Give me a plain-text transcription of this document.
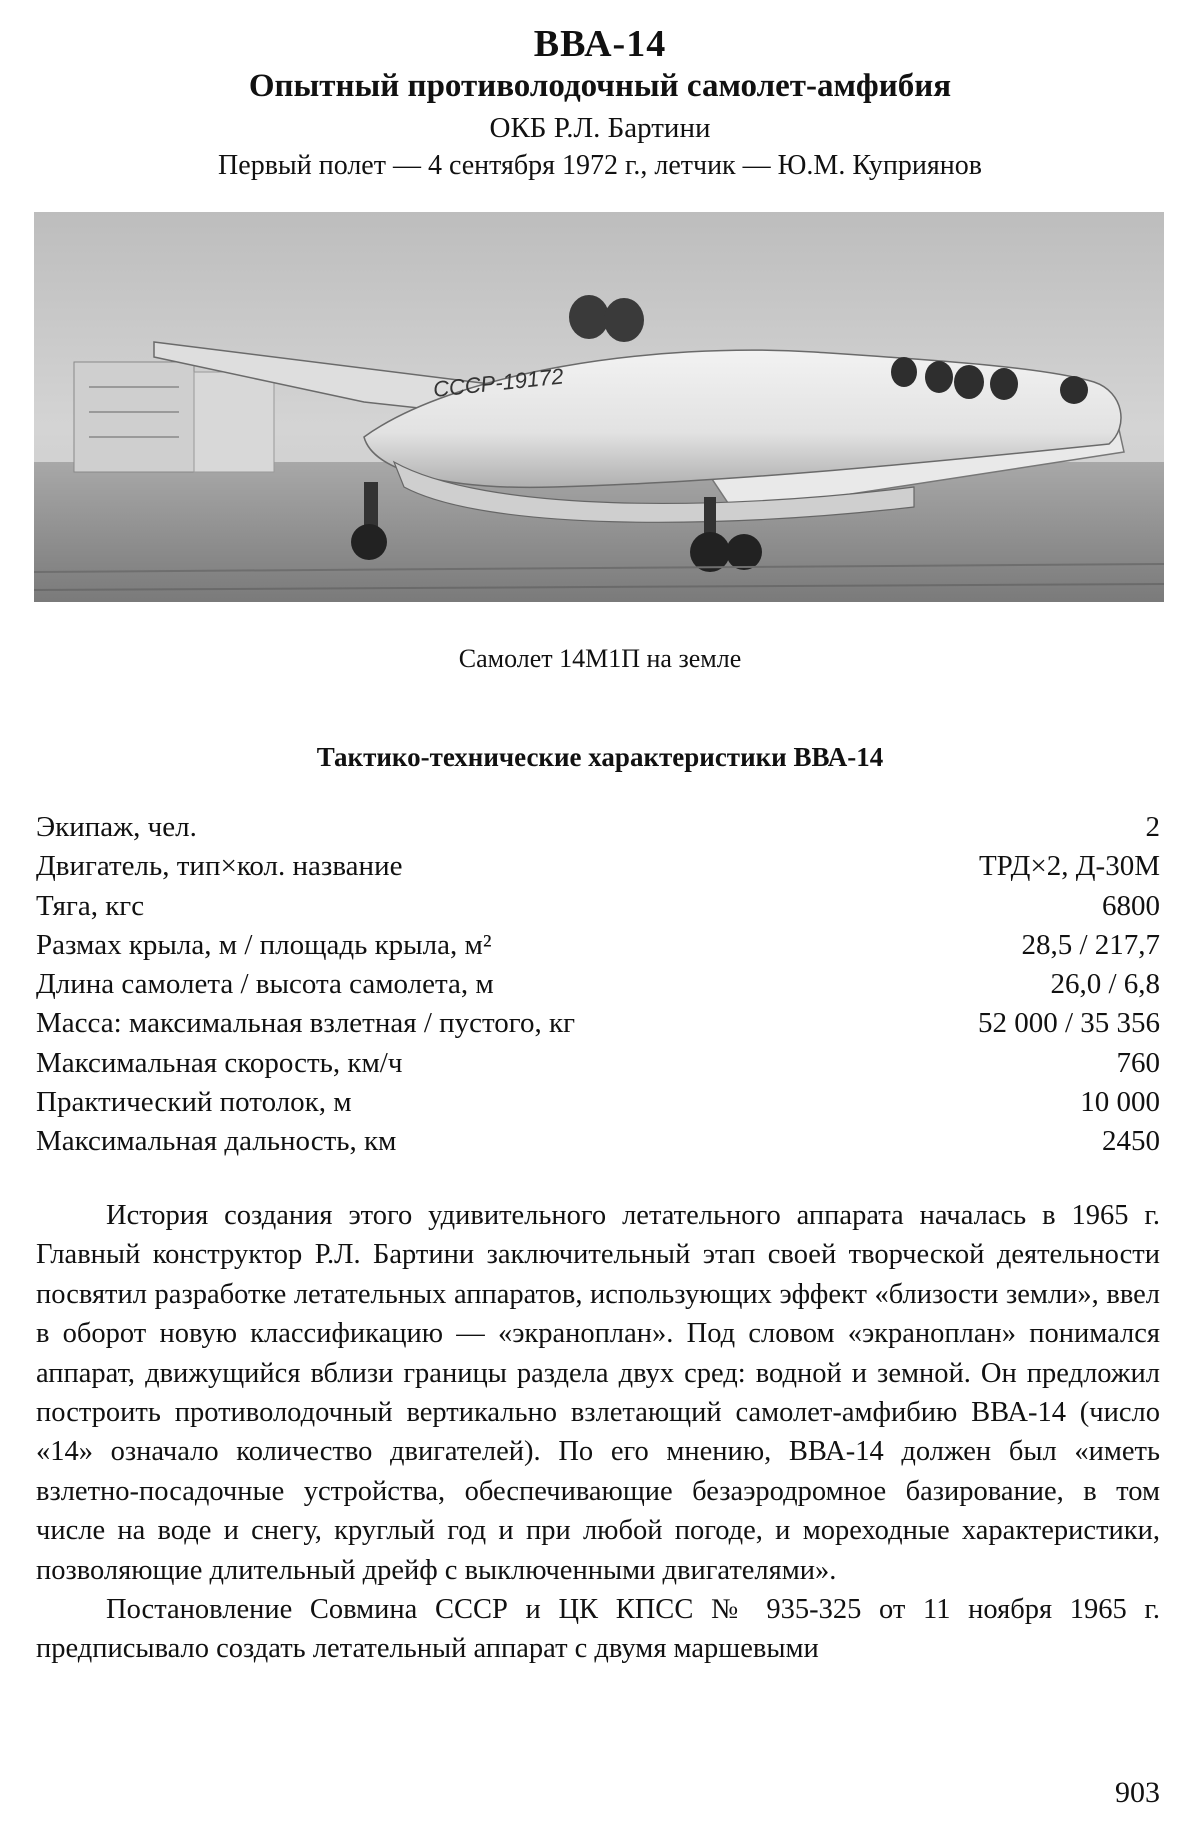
ВВА-14
Опытный противолодочный самолет-амфибия
ОКБ Р.Л. Бартини
Первый полет — 4 сентября 1972 г., летчик — Ю.М. Куприянов
СССР-19172
Самолет 14М1П на земле
Тактико-технические характеристики ВВА-14
Экипаж, чел.	2
Двигатель, тип×кол. название	ТРД×2, Д-30М
Тяга, кгс	6800
Размах крыла, м / площадь крыла, м²	28,5 / 217,7
Длина самолета / высота самолета, м	26,0 / 6,8
Масса: максимальная взлетная / пустого, кг	52 000 / 35 356
Максимальная скорость, км/ч	760
Практический потолок, м	10 000
Максимальная дальность, км	2450

История создания этого удивительного летательного аппарата началась в 1965 г. Главный конструктор Р.Л. Бартини заключительный этап своей творческой деятельности посвятил разработке летательных аппаратов, использующих эффект «близости земли», ввел в оборот новую классификацию — «экраноплан». Под словом «экраноплан» понимался аппарат, движущийся вблизи границы раздела двух сред: водной и земной. Он предложил построить противолодочный вертикально взлетающий самолет-амфибию ВВА-14 (число «14» означало количество двигателей). По его мнению, ВВА-14 должен был «иметь взлетно-посадочные устройства, обеспечивающие безаэродромное базирование, в том числе на воде и снегу, круглый год и при любой погоде, и мореходные характеристики, позволяющие длительный дрейф с выключенными двигателями».

Постановление Совмина СССР и ЦК КПСС № 935-325 от 11 ноября 1965 г. предписывало создать летательный аппарат с двумя маршевыми

903
